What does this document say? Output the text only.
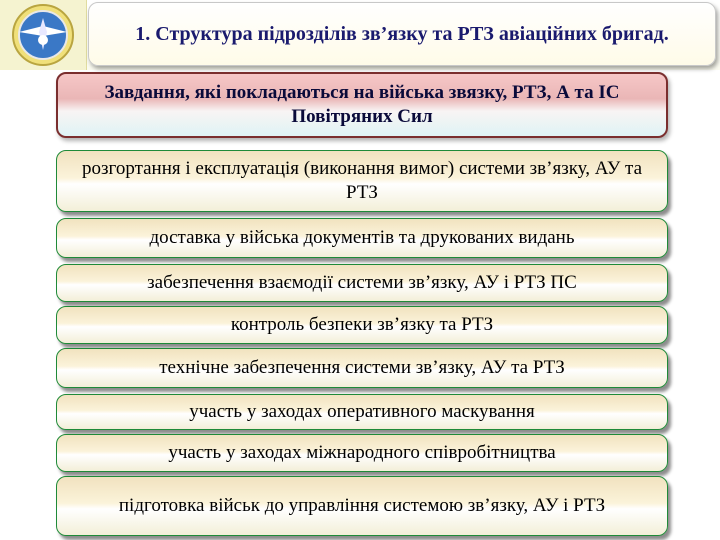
1. Структура підрозділів зв’язку та РТЗ авіаційних бригад.
Завдання, які покладаються на війська звязку, РТЗ, А та ІС Повітряних Сил
розгортання і експлуатація (виконання вимог) системи зв’язку, АУ та РТЗ
доставка у війська документів та друкованих видань
забезпечення взаємодії системи зв’язку, АУ і РТЗ ПС
контроль безпеки зв’язку та РТЗ
технічне забезпечення системи зв’язку, АУ та РТЗ
участь у заходах оперативного маскування
участь у заходах міжнародного співробітництва
підготовка військ до управління системою зв’язку, АУ і РТЗ
